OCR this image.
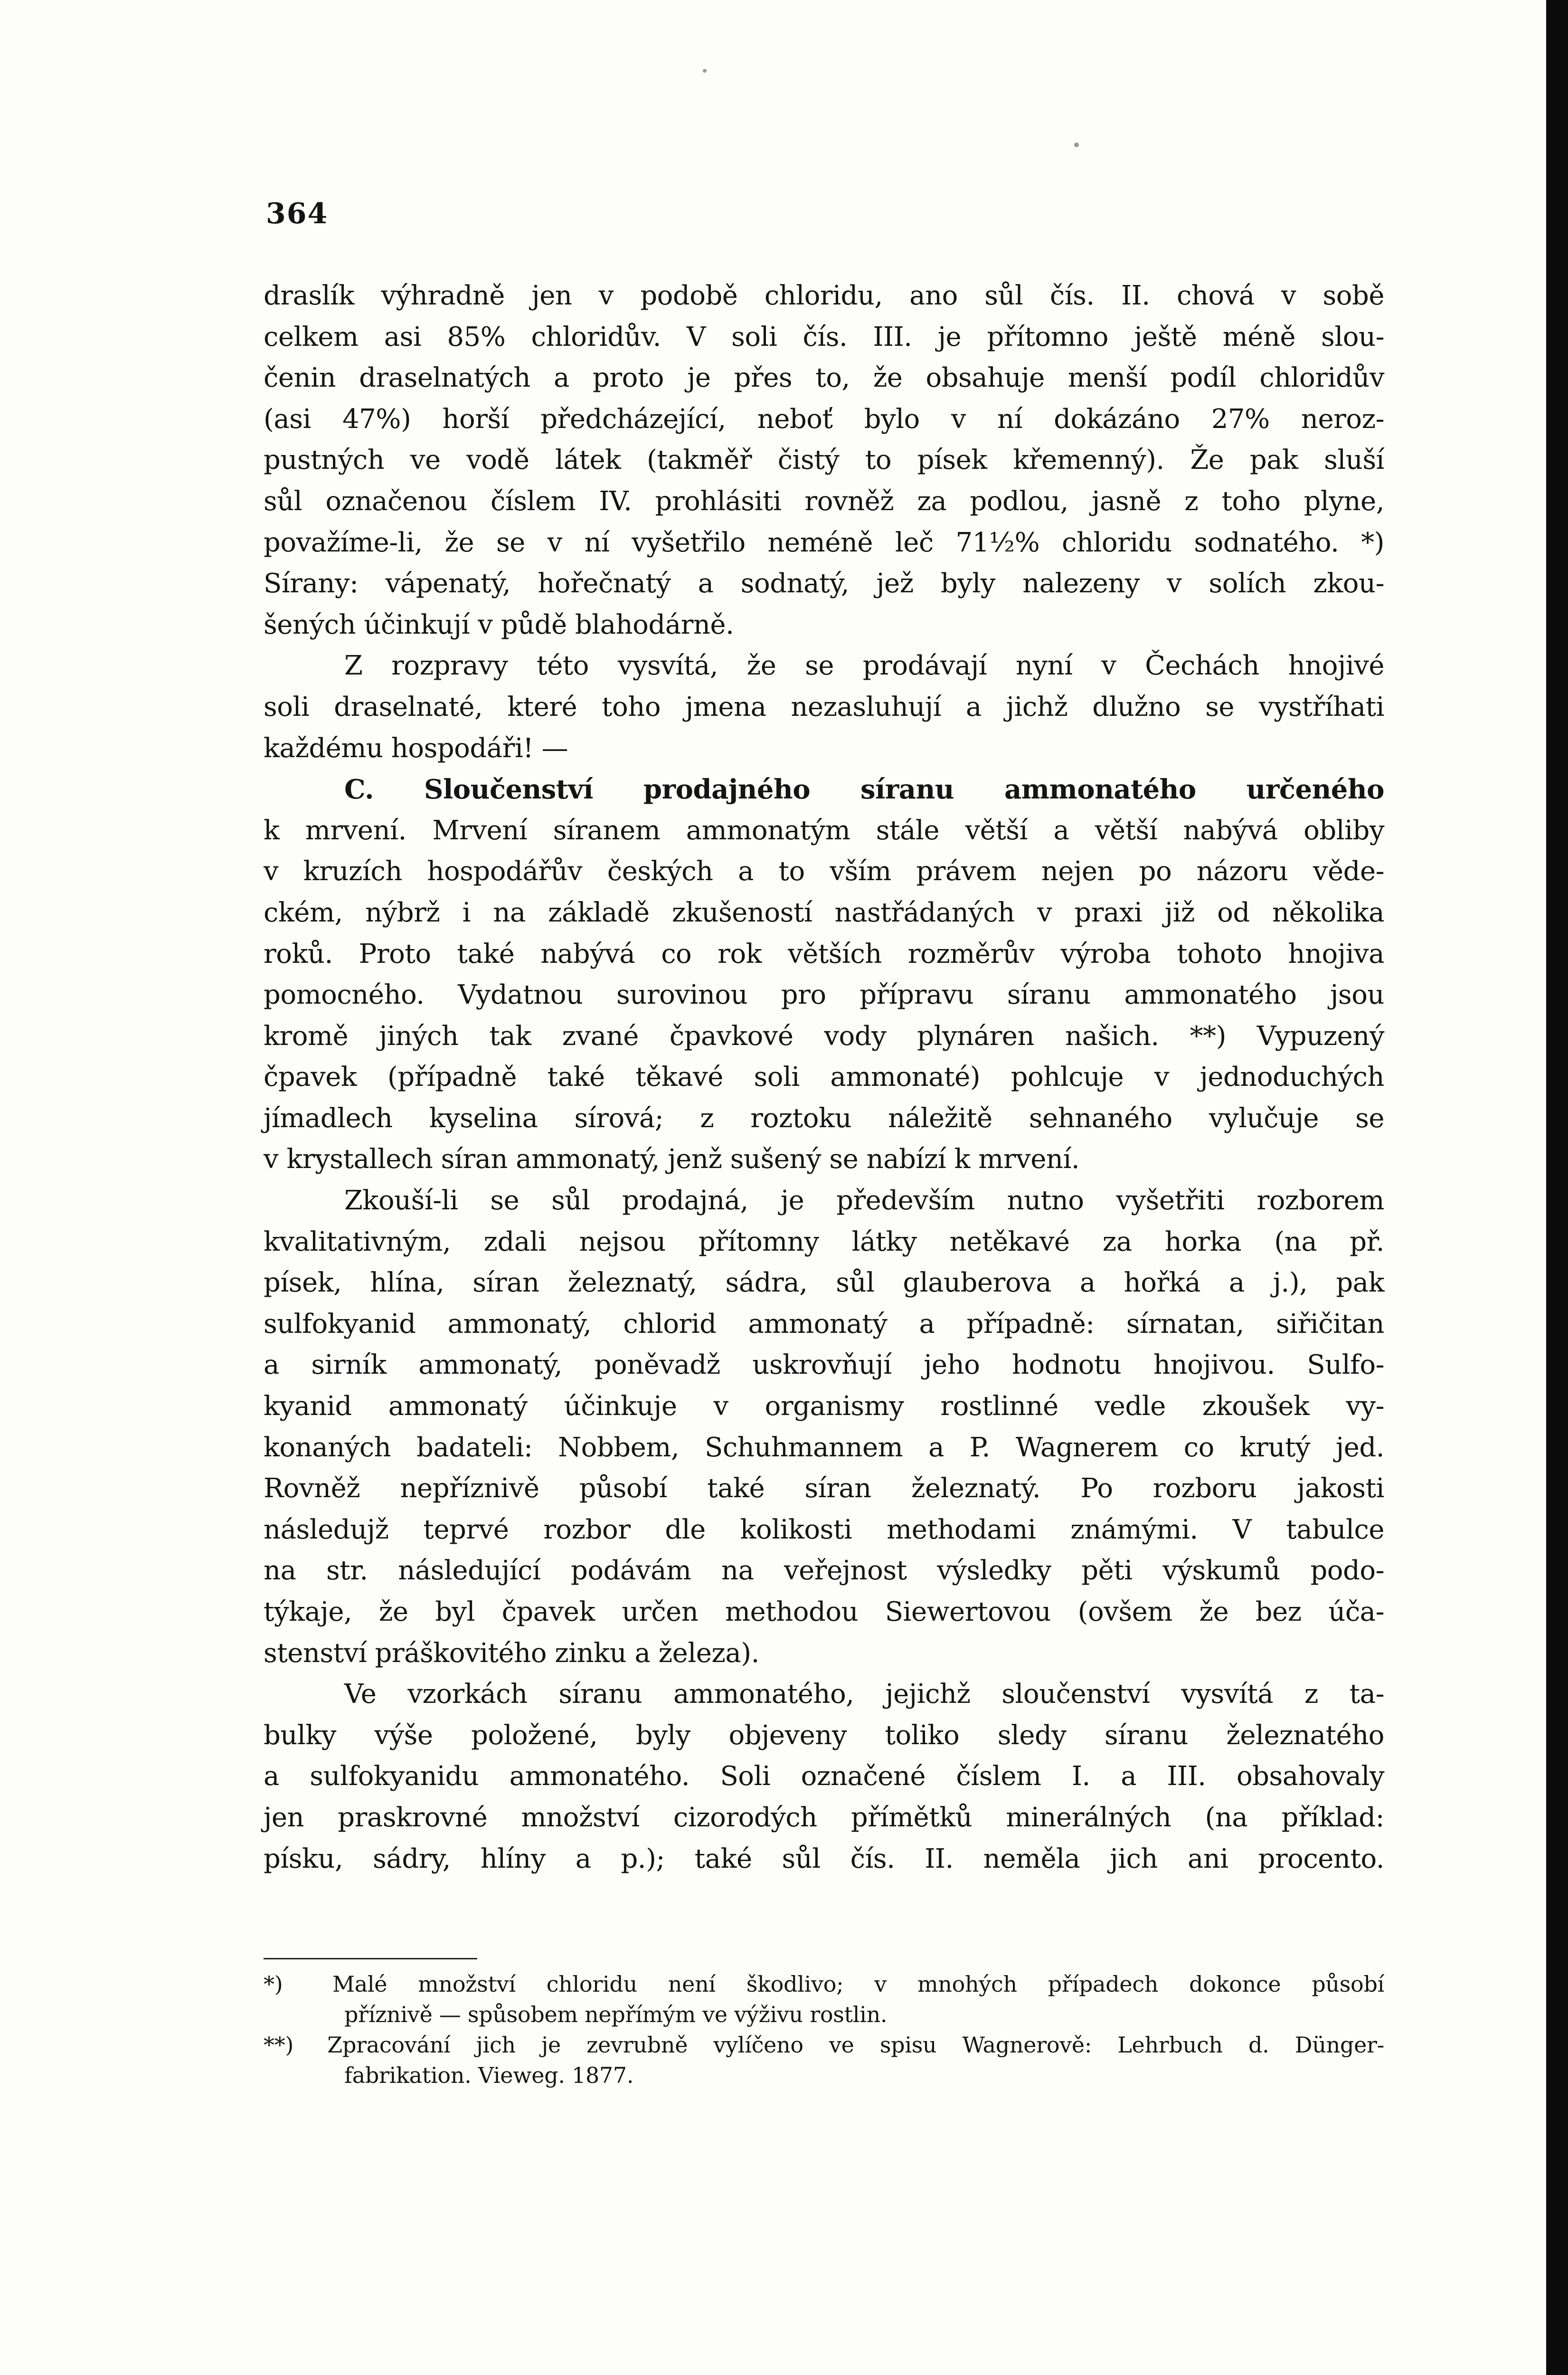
364
draslík výhradně jen v podobě chloridu, ano sůl čís. II. chová v sobě
celkem asi 85% chloridův. V soli čís. III. je přítomno ještě méně slou-
čenin draselnatých a proto je přes to, že obsahuje menší podíl chloridův
(asi 47%) horší předcházející, neboť bylo v ní dokázáno 27% neroz-
pustných ve vodě látek (takměř čistý to písek křemenný). Že pak sluší
sůl označenou číslem IV. prohlásiti rovněž za podlou, jasně z toho plyne,
považíme-li, že se v ní vyšetřilo neméně leč 71½% chloridu sodnatého. *)
Sírany: vápenatý, hořečnatý a sodnatý, jež byly nalezeny v solích zkou-
šených účinkují v půdě blahodárně.
Z rozpravy této vysvítá, že se prodávají nyní v Čechách hnojivé
soli draselnaté, které toho jmena nezasluhují a jichž dlužno se vystříhati
každému hospodáři! —
C. Sloučenství prodajného síranu ammonatého určeného
k mrvení. Mrvení síranem ammonatým stále větší a větší nabývá obliby
v kruzích hospodářův českých a to vším právem nejen po názoru věde-
ckém, nýbrž i na základě zkušeností nastřádaných v praxi již od několika
roků. Proto také nabývá co rok větších rozměrův výroba tohoto hnojiva
pomocného. Vydatnou surovinou pro přípravu síranu ammonatého jsou
kromě jiných tak zvané čpavkové vody plynáren našich. **) Vypuzený
čpavek (případně také těkavé soli ammonaté) pohlcuje v jednoduchých
jímadlech kyselina sírová; z roztoku náležitě sehnaného vylučuje se
v krystallech síran ammonatý, jenž sušený se nabízí k mrvení.
Zkouší-li se sůl prodajná, je především nutno vyšetřiti rozborem
kvalitativným, zdali nejsou přítomny látky netěkavé za horka (na př.
písek, hlína, síran železnatý, sádra, sůl glauberova a hořká a j.), pak
sulfokyanid ammonatý, chlorid ammonatý a případně: sírnatan, siřičitan
a sirník ammonatý, poněvadž uskrovňují jeho hodnotu hnojivou. Sulfo-
kyanid ammonatý účinkuje v organismy rostlinné vedle zkoušek vy-
konaných badateli: Nobbem, Schuhmannem a P. Wagnerem co krutý jed.
Rovněž nepříznivě působí také síran železnatý. Po rozboru jakosti
následujž teprvé rozbor dle kolikosti methodami známými. V tabulce
na str. následující podávám na veřejnost výsledky pěti výskumů podo-
týkaje, že byl čpavek určen methodou Siewertovou (ovšem že bez úča-
stenství práškovitého zinku a železa).
Ve vzorkách síranu ammonatého, jejichž sloučenství vysvítá z ta-
bulky výše položené, byly objeveny toliko sledy síranu železnatého
a sulfokyanidu ammonatého. Soli označené číslem I. a III. obsahovaly
jen praskrovné množství cizorodých přímětků minerálných (na příklad:
písku, sádry, hlíny a p.); také sůl čís. II. neměla jich ani procento.
*) Malé množství chloridu není škodlivo; v mnohých případech dokonce působí
příznivě — spůsobem nepřímým ve výživu rostlin.
**) Zpracování jich je zevrubně vylíčeno ve spisu Wagnerově: Lehrbuch d. Dünger-
fabrikation. Vieweg. 1877.
